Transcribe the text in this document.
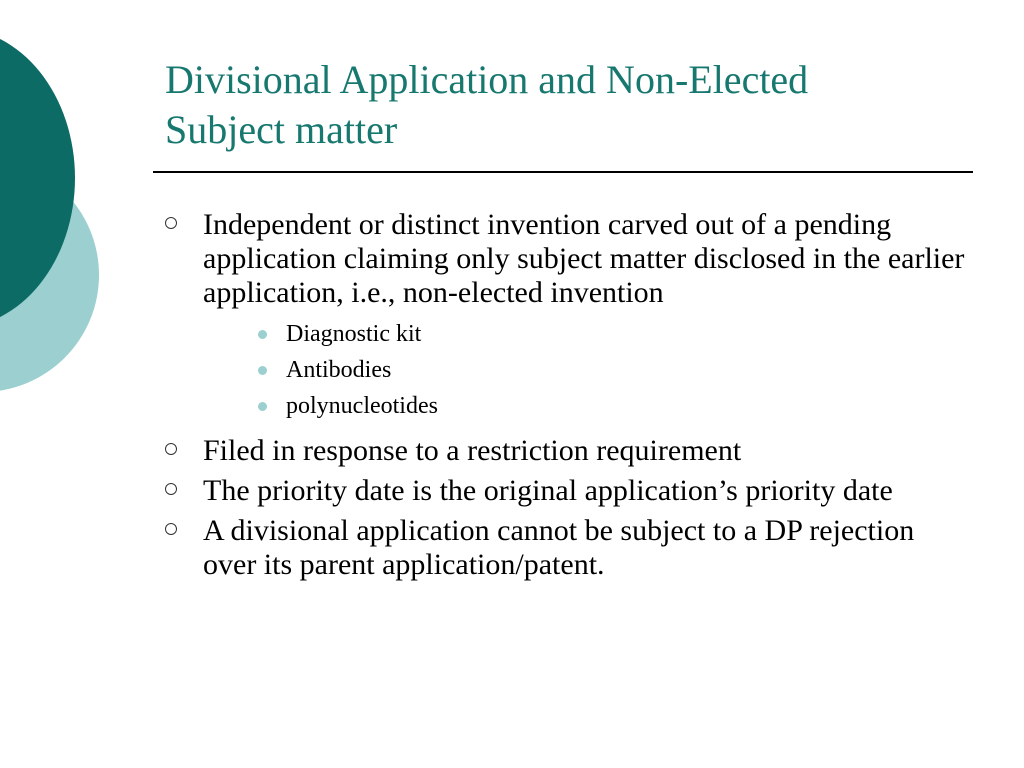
Divisional Application and Non-Elected
Subject matter
Independent or distinct invention carved out of a pending application claiming only subject matter disclosed in the earlier application, i.e., non-elected invention
Diagnostic kit
Antibodies
polynucleotides
Filed in response to a restriction requirement
The priority date is the original application’s priority date
A divisional application cannot be subject to a DP rejection over its parent application/patent.
